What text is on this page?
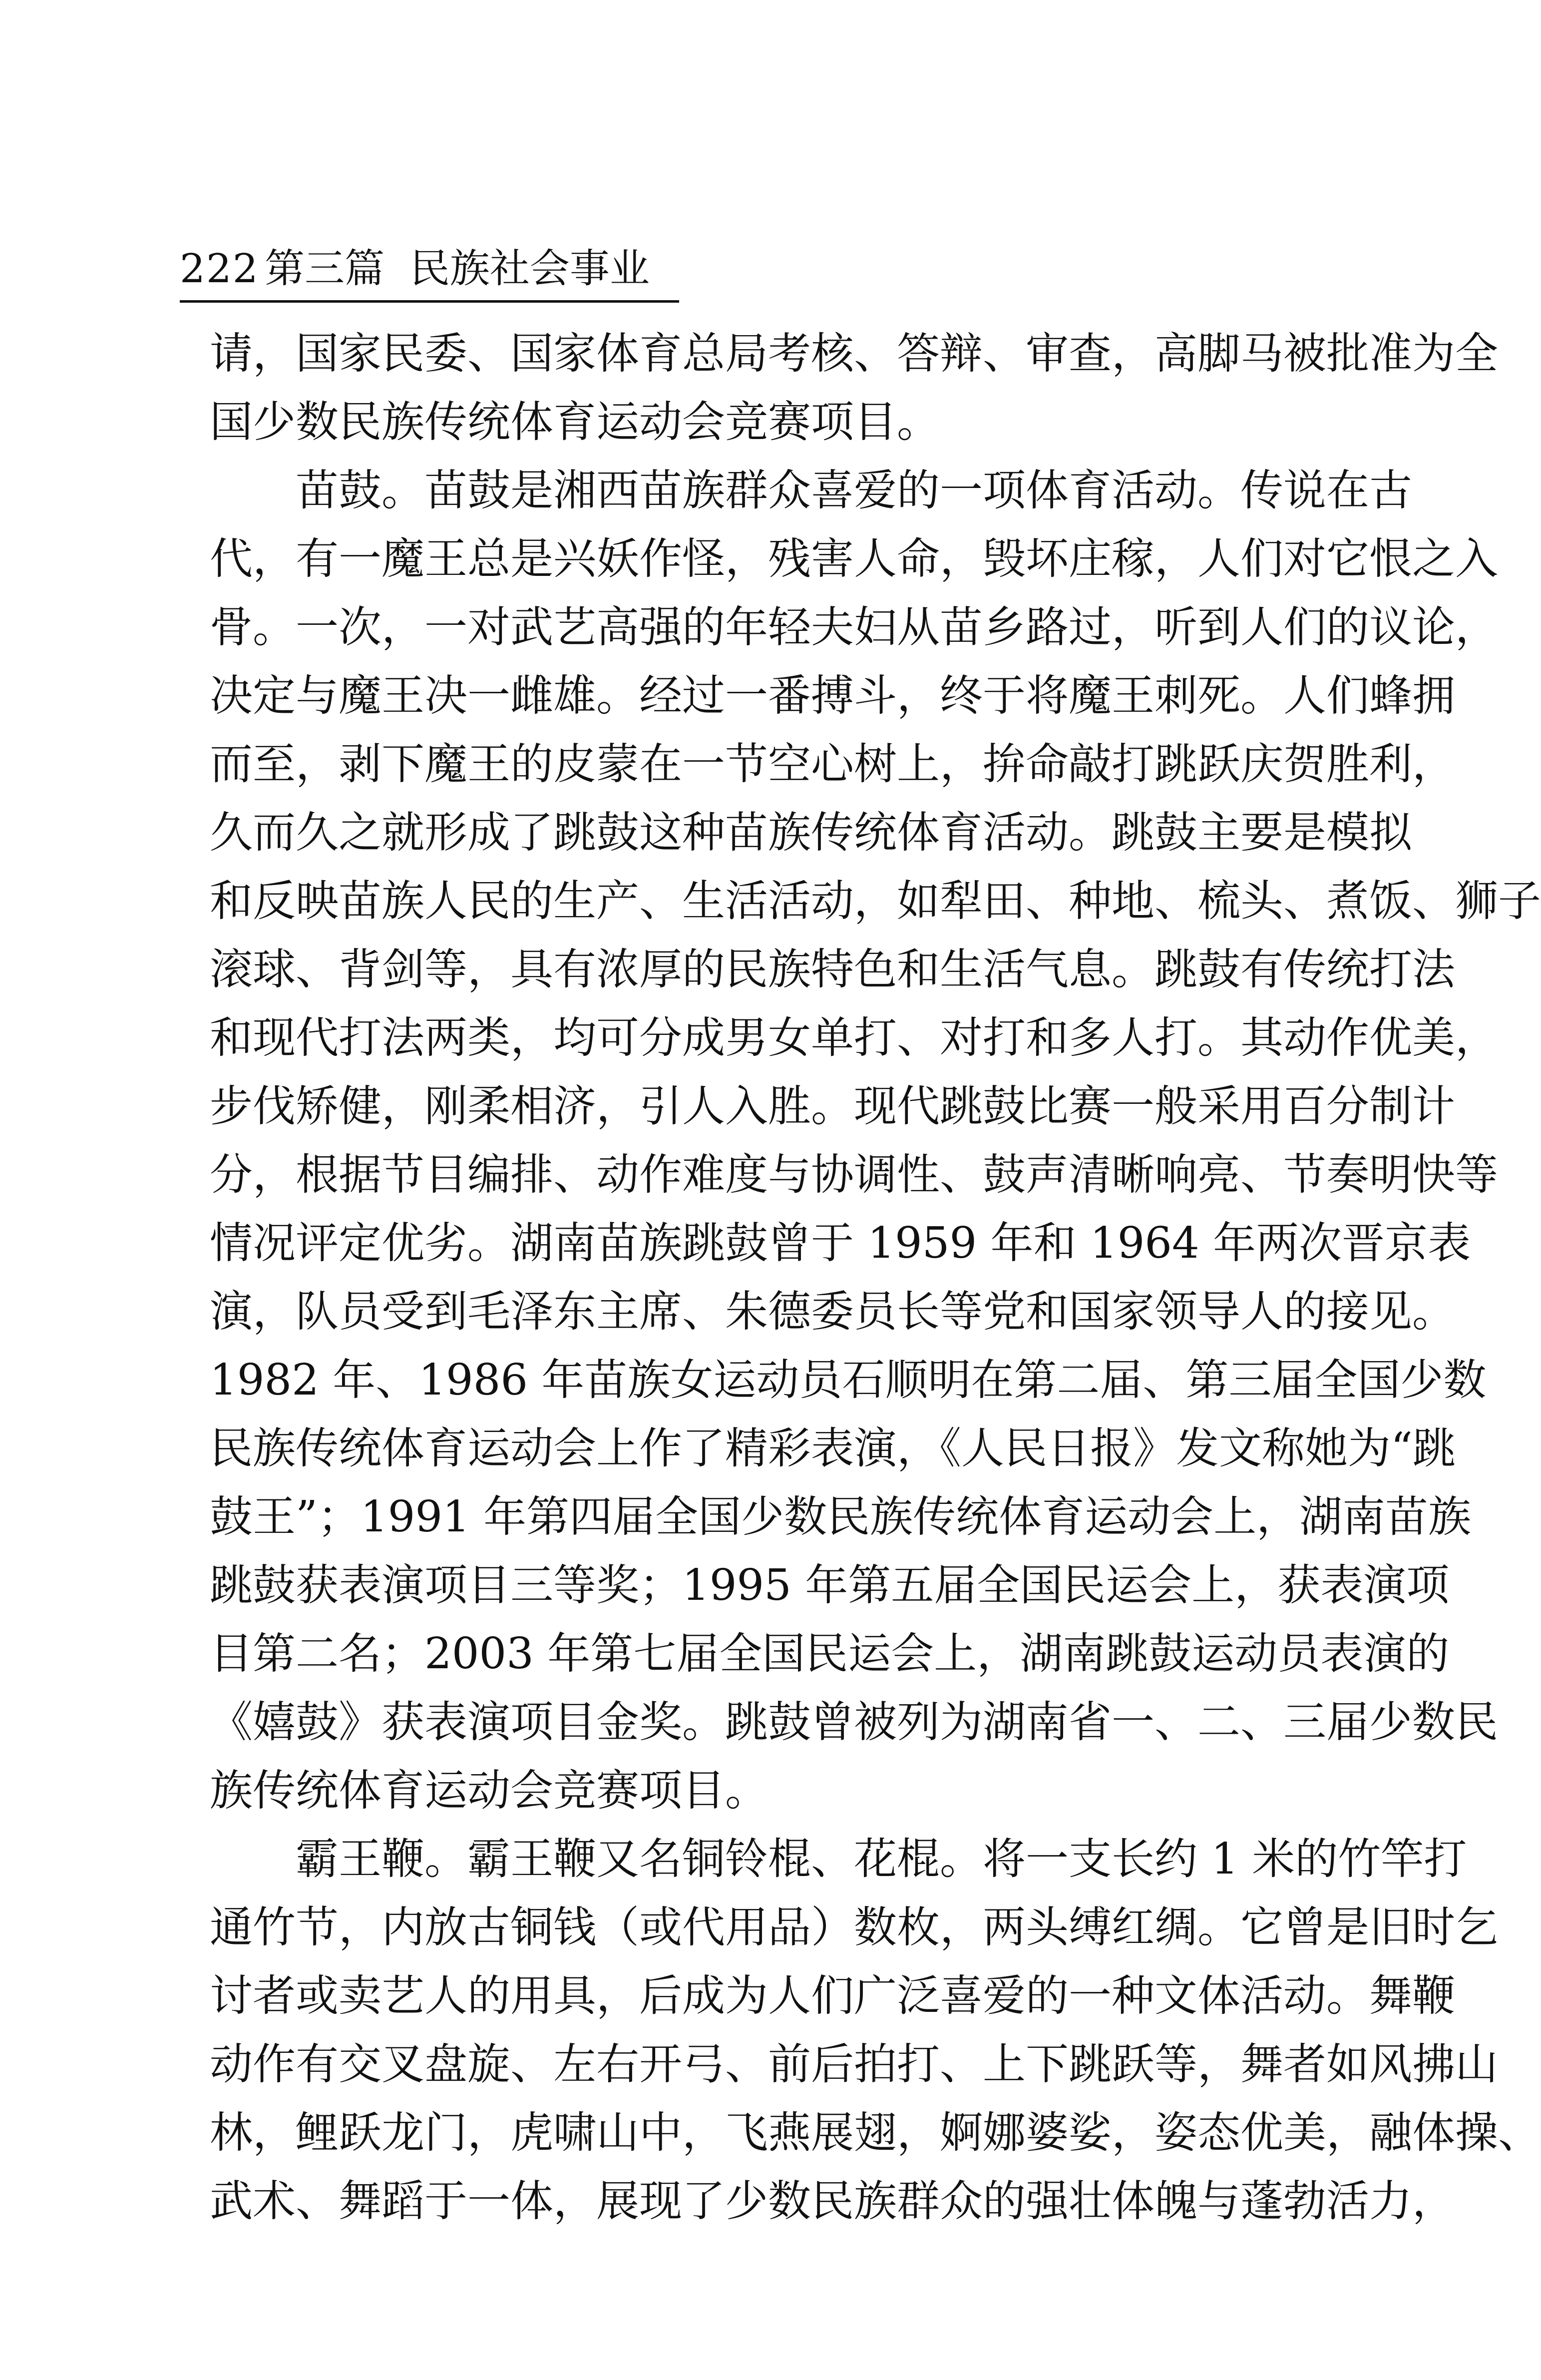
222 第三篇  民族社会事业
请，国家民委、国家体育总局考核、答辩、审查，高脚马被批准为全
国少数民族传统体育运动会竞赛项目。
苗鼓。苗鼓是湘西苗族群众喜爱的一项体育活动。传说在古
代，有一魔王总是兴妖作怪，残害人命，毁坏庄稼，人们对它恨之入
骨。一次，一对武艺高强的年轻夫妇从苗乡路过，听到人们的议论，
决定与魔王决一雌雄。经过一番搏斗，终于将魔王刺死。人们蜂拥
而至，剥下魔王的皮蒙在一节空心树上，拚命敲打跳跃庆贺胜利，
久而久之就形成了跳鼓这种苗族传统体育活动。跳鼓主要是模拟
和反映苗族人民的生产、生活活动，如犁田、种地、梳头、煮饭、狮子
滚球、背剑等，具有浓厚的民族特色和生活气息。跳鼓有传统打法
和现代打法两类，均可分成男女单打、对打和多人打。其动作优美，
步伐矫健，刚柔相济，引人入胜。现代跳鼓比赛一般采用百分制计
分，根据节目编排、动作难度与协调性、鼓声清晰响亮、节奏明快等
情况评定优劣。湖南苗族跳鼓曾于 1959 年和 1964 年两次晋京表
演，队员受到毛泽东主席、朱德委员长等党和国家领导人的接见。
1982 年、1986 年苗族女运动员石顺明在第二届、第三届全国少数
民族传统体育运动会上作了精彩表演，《人民日报》发文称她为“跳
鼓王”；1991 年第四届全国少数民族传统体育运动会上，湖南苗族
跳鼓获表演项目三等奖；1995 年第五届全国民运会上，获表演项
目第二名；2003 年第七届全国民运会上，湖南跳鼓运动员表演的
《嬉鼓》获表演项目金奖。跳鼓曾被列为湖南省一、二、三届少数民
族传统体育运动会竞赛项目。
霸王鞭。霸王鞭又名铜铃棍、花棍。将一支长约 1 米的竹竿打
通竹节，内放古铜钱（或代用品）数枚，两头缚红绸。它曾是旧时乞
讨者或卖艺人的用具，后成为人们广泛喜爱的一种文体活动。舞鞭
动作有交叉盘旋、左右开弓、前后拍打、上下跳跃等，舞者如风拂山
林，鲤跃龙门，虎啸山中，飞燕展翅，婀娜婆娑，姿态优美，融体操、
武术、舞蹈于一体，展现了少数民族群众的强壮体魄与蓬勃活力，
